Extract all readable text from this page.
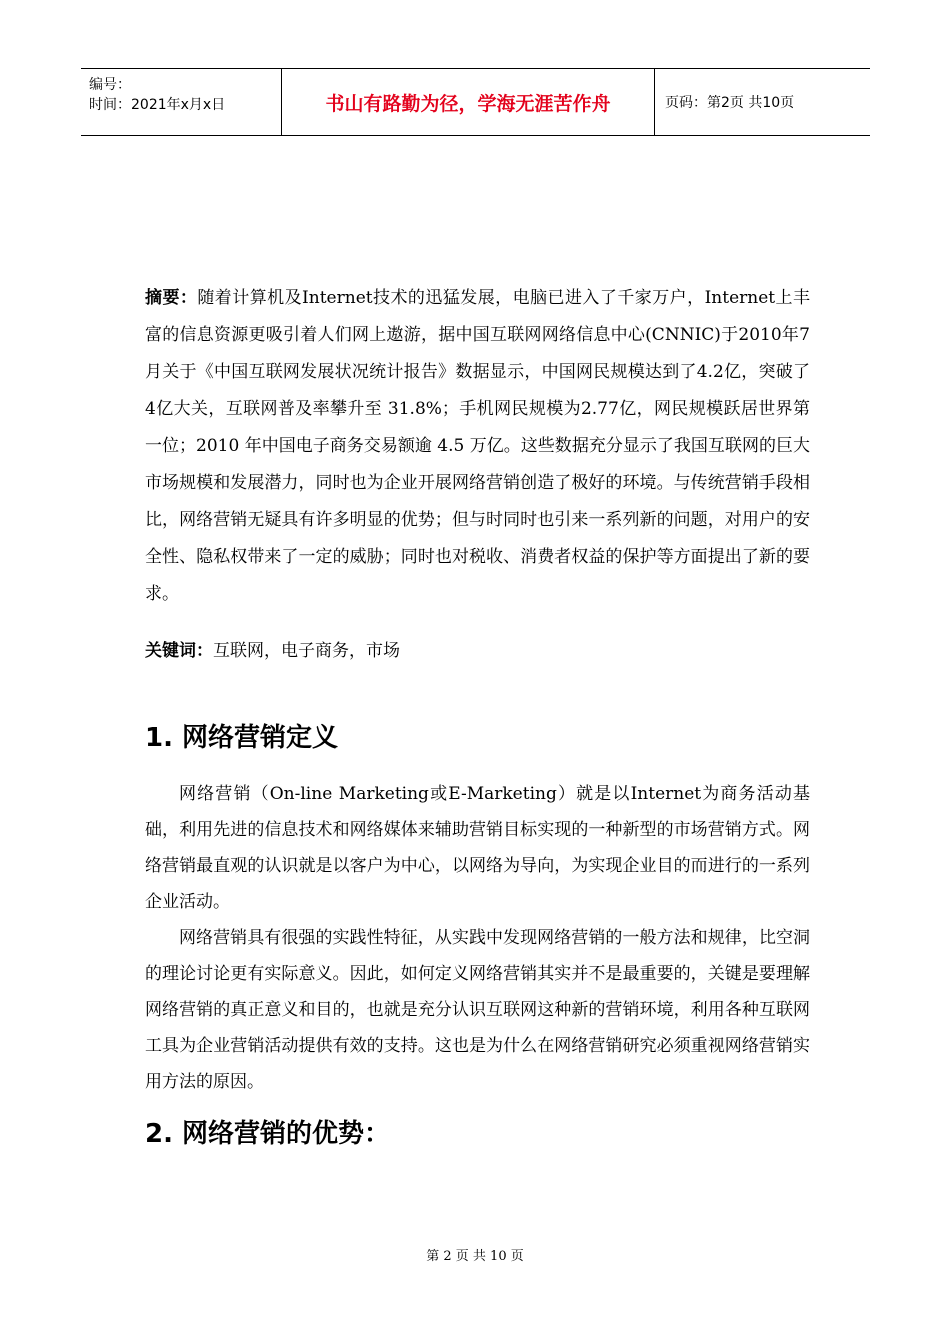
编号：
时间：2021年x月x日	书山有路勤为径，学海无涯苦作舟	页码：第2页 共10页

摘要：随着计算机及Internet技术的迅猛发展，电脑已进入了千家万户，Internet上丰富的信息资源更吸引着人们网上遨游，据中国互联网网络信息中心(CNNIC)于2010年7月关于《中国互联网发展状况统计报告》数据显示，中国网民规模达到了4.2亿，突破了4亿大关，互联网普及率攀升至 31.8%；手机网民规模为2.77亿，网民规模跃居世界第一位；2010 年中国电子商务交易额逾 4.5 万亿。这些数据充分显示了我国互联网的巨大市场规模和发展潜力，同时也为企业开展网络营销创造了极好的环境。与传统营销手段相比，网络营销无疑具有许多明显的优势；但与时同时也引来一系列新的问题，对用户的安全性、隐私权带来了一定的威胁；同时也对税收、消费者权益的保护等方面提出了新的要求。

关键词：互联网，电子商务，市场

1. 网络营销定义

网络营销（On-line Marketing或E-Marketing）就是以Internet为商务活动基础，利用先进的信息技术和网络媒体来辅助营销目标实现的一种新型的市场营销方式。网络营销最直观的认识就是以客户为中心，以网络为导向，为实现企业目的而进行的一系列企业活动。

网络营销具有很强的实践性特征，从实践中发现网络营销的一般方法和规律，比空洞的理论讨论更有实际意义。因此，如何定义网络营销其实并不是最重要的，关键是要理解网络营销的真正意义和目的，也就是充分认识互联网这种新的营销环境，利用各种互联网工具为企业营销活动提供有效的支持。这也是为什么在网络营销研究必须重视网络营销实用方法的原因。

2. 网络营销的优势：
第 2 页 共 10 页
